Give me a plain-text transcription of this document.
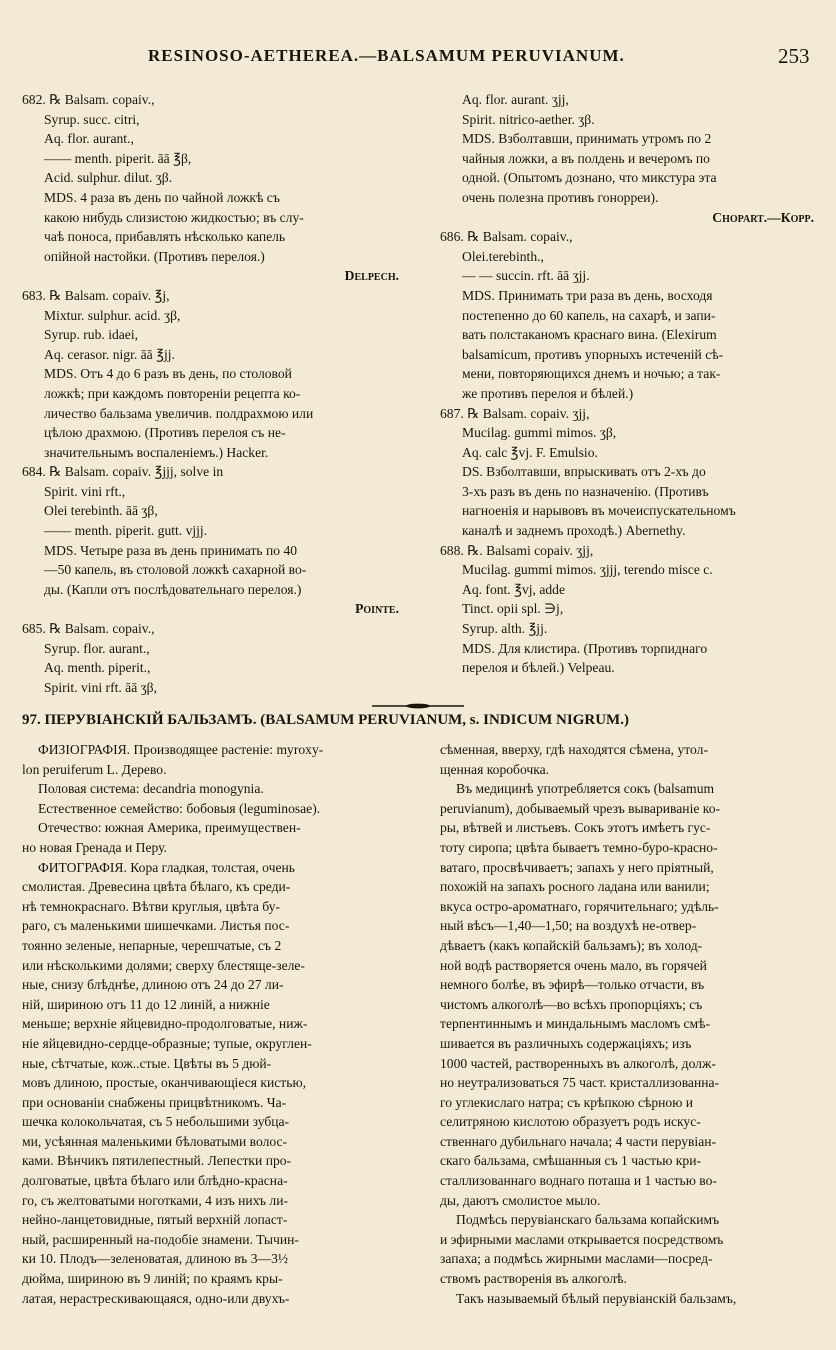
RESINOSO-AETHEREA.—BALSAMUM PERUVIANUM.	253
682. ℞ Balsam. copaiv.,
Syrup. succ. citri,
Aq. flor. aurant.,
—— menth. piperit. āā ℥β,
Acid. sulphur. dilut. ʒβ.
MDS. 4 раза въ день по чайной ложкѣ съ
какою нибудь слизистою жидкостью; въ слу-
чаѣ поноса, прибавлять нѣсколько капель
опiйной настойки. (Противъ перелоя.)
Delpech.
683. ℞ Balsam. copaiv. ℥j,
Mixtur. sulphur. acid. ʒβ,
Syrup. rub. idaei,
Aq. cerasor. nigr. āā ℥jj.
MDS. Отъ 4 до 6 разъ въ день, по столовой
ложкѣ; при каждомъ повторенiи рецепта ко-
личество бальзама увеличив. полдрахмою или
цѣлою драхмою. (Противъ перелоя съ не-
значительнымъ воспаленiемъ.) Hacker.
684. ℞ Balsam. copaiv. ℥jjj, solve in
Spirit. vini rft.,
Olei terebinth. āā ʒβ,
—— menth. piperit. gutt. vjjj.
MDS. Четыре раза въ день принимать по 40
—50 капель, въ столовой ложкѣ сахарной во-
ды. (Капли отъ послѣдовательнаго перелоя.)
Pointe.
685. ℞ Balsam. copaiv.,
Syrup. flor. aurant.,
Aq. menth. piperit.,
Spirit. vini rft. āā ʒβ,
Aq. flor. aurant. ʒjj,
Spirit. nitrico-aether. ʒβ.
MDS. Взболтавши, принимать утромъ по 2
чайныя ложки, а въ полдень и вечеромъ по
одной. (Опытомъ дознано, что микстура эта
очень полезна противъ гонорреи).
Chopart.—Корр.
686. ℞ Balsam. copaiv.,
Olei.terebinth.,
— — succin. rft. āā ʒjj.
MDS. Принимать три раза въ день, восходя
постепенно до 60 капель, на сахарѣ, и запи-
вать полстаканомъ краснаго вина. (Elexirum
balsamicum, противъ упорныхъ истеченiй сѣ-
мени, повторяющихся днемъ и ночью; а так-
же противъ перелоя и бѣлей.)
687. ℞ Balsam. copaiv. ʒjj,
Mucilag. gummi mimos. ʒβ,
Aq. calc ℥vj. F. Emulsio.
DS. Взболтавши, впрыскивать отъ 2-хъ до
3-хъ разъ въ день по назначенiю. (Противъ
нагноенiя и нарывовъ въ мочеиспускательномъ
каналѣ и заднемъ проходѣ.) Abernethy.
688. ℞. Balsami copaiv. ʒjj,
Mucilag. gummi mimos. ʒjjj, terendo misce c.
Aq. font. ℥vj, adde
Tinct. opii spl. ∋j,
Syrup. alth. ℥jj.
MDS. Для клистира. (Противъ торпиднаго
перелоя и бѣлей.) Velpeau.
97. ПЕРУВIАНСКIЙ БАЛЬЗАМЪ. (BALSAMUM PERUVIANUM, s. INDICUM NIGRUM.)
ФИЗIОГРАФIЯ. Производящее растенiе: myroxy-
lon peruiferum L. Дерево.
Половая система: decandria monogynia.
Естественное семейство: бобовыя (leguminosae).
Отечество: южная Америка, преимуществен-
но новая Гренада и Перу.
ФИТОГРАФIЯ. Кора гладкая, толстая, очень
смолистая. Древесина цвѣта бѣлаго, къ среди-
нѣ темнокраснаго. Вѣтви круглыя, цвѣта бу-
раго, съ маленькими шишечками. Листья пос-
тоянно зеленые, непарные, черешчатые, съ 2
или нѣсколькими долями; сверху блестяще-зеле-
ные, снизу блѣднѣе, длиною отъ 24 до 27 ли-
нiй, шириною отъ 11 до 12 линiй, а нижнiе
меньше; верхнiе яйцевидно-продолговатые, ниж-
нiе яйцевидно-сердце-образные; тупые, округлен-
ные, сѣтчатые, кож..стые. Цвѣты въ 5 дюй-
мовъ длиною, простые, оканчивающiеся кистью,
при основанiи снабжены прицвѣтникомъ. Ча-
шечка колокольчатая, съ 5 небольшими зубца-
ми, усѣянная маленькими бѣловатыми волос-
ками. Вѣнчикъ пятилепестный. Лепестки про-
долговатые, цвѣта бѣлаго или блѣдно-красна-
го, съ желтоватыми ноготками, 4 изъ нихъ ли-
нейно-ланцетовидные, пятый верхнiй лопаст-
ный, расширенный на-подобiе знамени. Тычин-
ки 10. Плодъ—зеленоватая, длиною въ 3—3½
дюйма, шириною въ 9 линiй; по краямъ кры-
латая, нерастрескивающаяся, одно-или двухъ-
сѣменная, вверху, гдѣ находятся сѣмена, утол-
щенная коробочка.
Въ медицинѣ употребляется сокъ (balsamum
peruvianum), добываемый чрезъ вывариванiе ко-
ры, вѣтвей и листьевъ. Сокъ этотъ имѣетъ гус-
тоту сиропа; цвѣта бываетъ темно-буро-красно-
ватаго, просвѣчиваетъ; запахъ у него прiятный,
похожiй на запахъ росного ладана или ванили;
вкуса остро-ароматнаго, горячительнаго; удѣль-
ный вѣсъ—1,40—1,50; на воздухѣ не-отвер-
дѣваетъ (какъ копайскiй бальзамъ); въ холод-
ной водѣ растворяется очень мало, въ горячей
немного болѣе, въ эфирѣ—только отчасти, въ
чистомъ алкоголѣ—во всѣхъ пропорцiяхъ; съ
терпентиннымъ и миндальнымъ масломъ смѣ-
шивается въ различныхъ содержацiяхъ; изъ
1000 частей, растворенныхъ въ алкоголѣ, долж-
но неутрализоваться 75 част. кристаллизованна-
го углекислаго натра; съ крѣпкою сѣрною и
селитряною кислотою образуетъ родъ искус-
ственнаго дубильнаго начала; 4 части перувiан-
скаго бальзама, смѣшанныя съ 1 частью кри-
сталлизованнаго воднаго поташа и 1 частью во-
ды, даютъ смолистое мыло.
Подмѣсь перувiанскаго бальзама копайскимъ
и эфирными маслами открывается посредствомъ
запаха; а подмѣсь жирными маслами—посред-
ствомъ растворенiя въ алкоголѣ.
Такъ называемый бѣлый перувiанскiй бальзамъ,
